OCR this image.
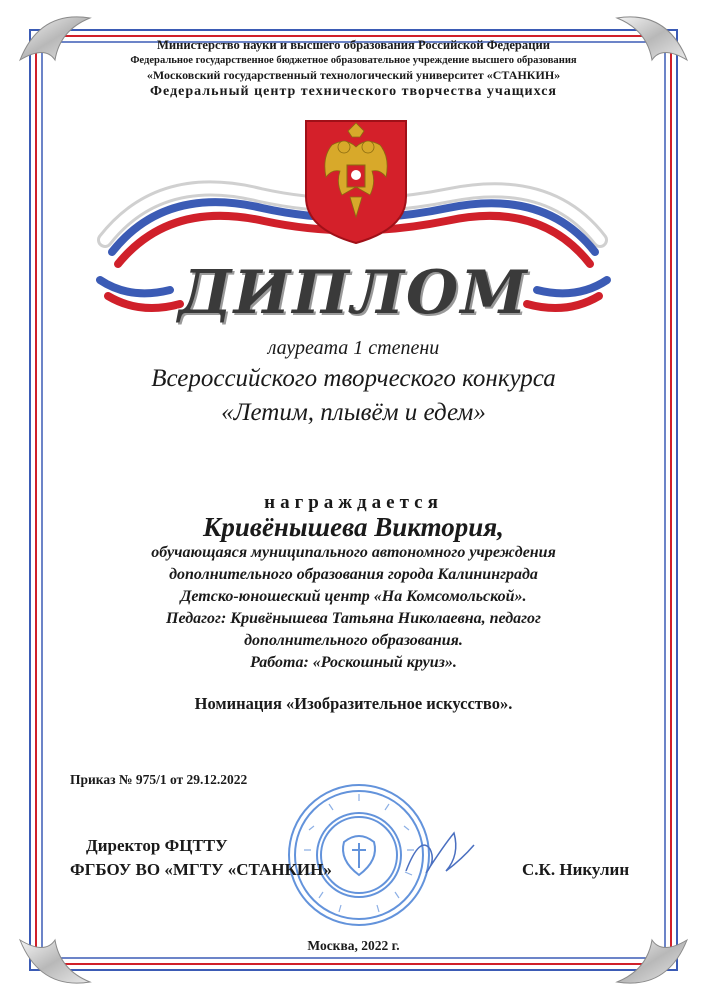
Министерство науки и высшего образования Российской Федерации
Федеральное государственное бюджетное образовательное учреждение высшего образования
«Московский государственный технологический университет «СТАНКИН»
Федеральный центр технического творчества учащихся
ДИПЛОМ
лауреата 1 степени
Всероссийского творческого конкурса
«Летим, плывём и едем»
награждается
Кривёнышева Виктория,
обучающаяся муниципального автономного учреждения
дополнительного образования города Калининграда
Детско-юношеский центр «На Комсомольской».
Педагог: Кривёнышева Татьяна Николаевна, педагог
дополнительного образования.
Работа: «Роскошный круиз».
Номинация «Изобразительное искусство».
Приказ № 975/1 от 29.12.2022
Директор ФЦТТУ
ФГБОУ ВО «МГТУ «СТАНКИН»	С.К. Никулин
Москва, 2022 г.
